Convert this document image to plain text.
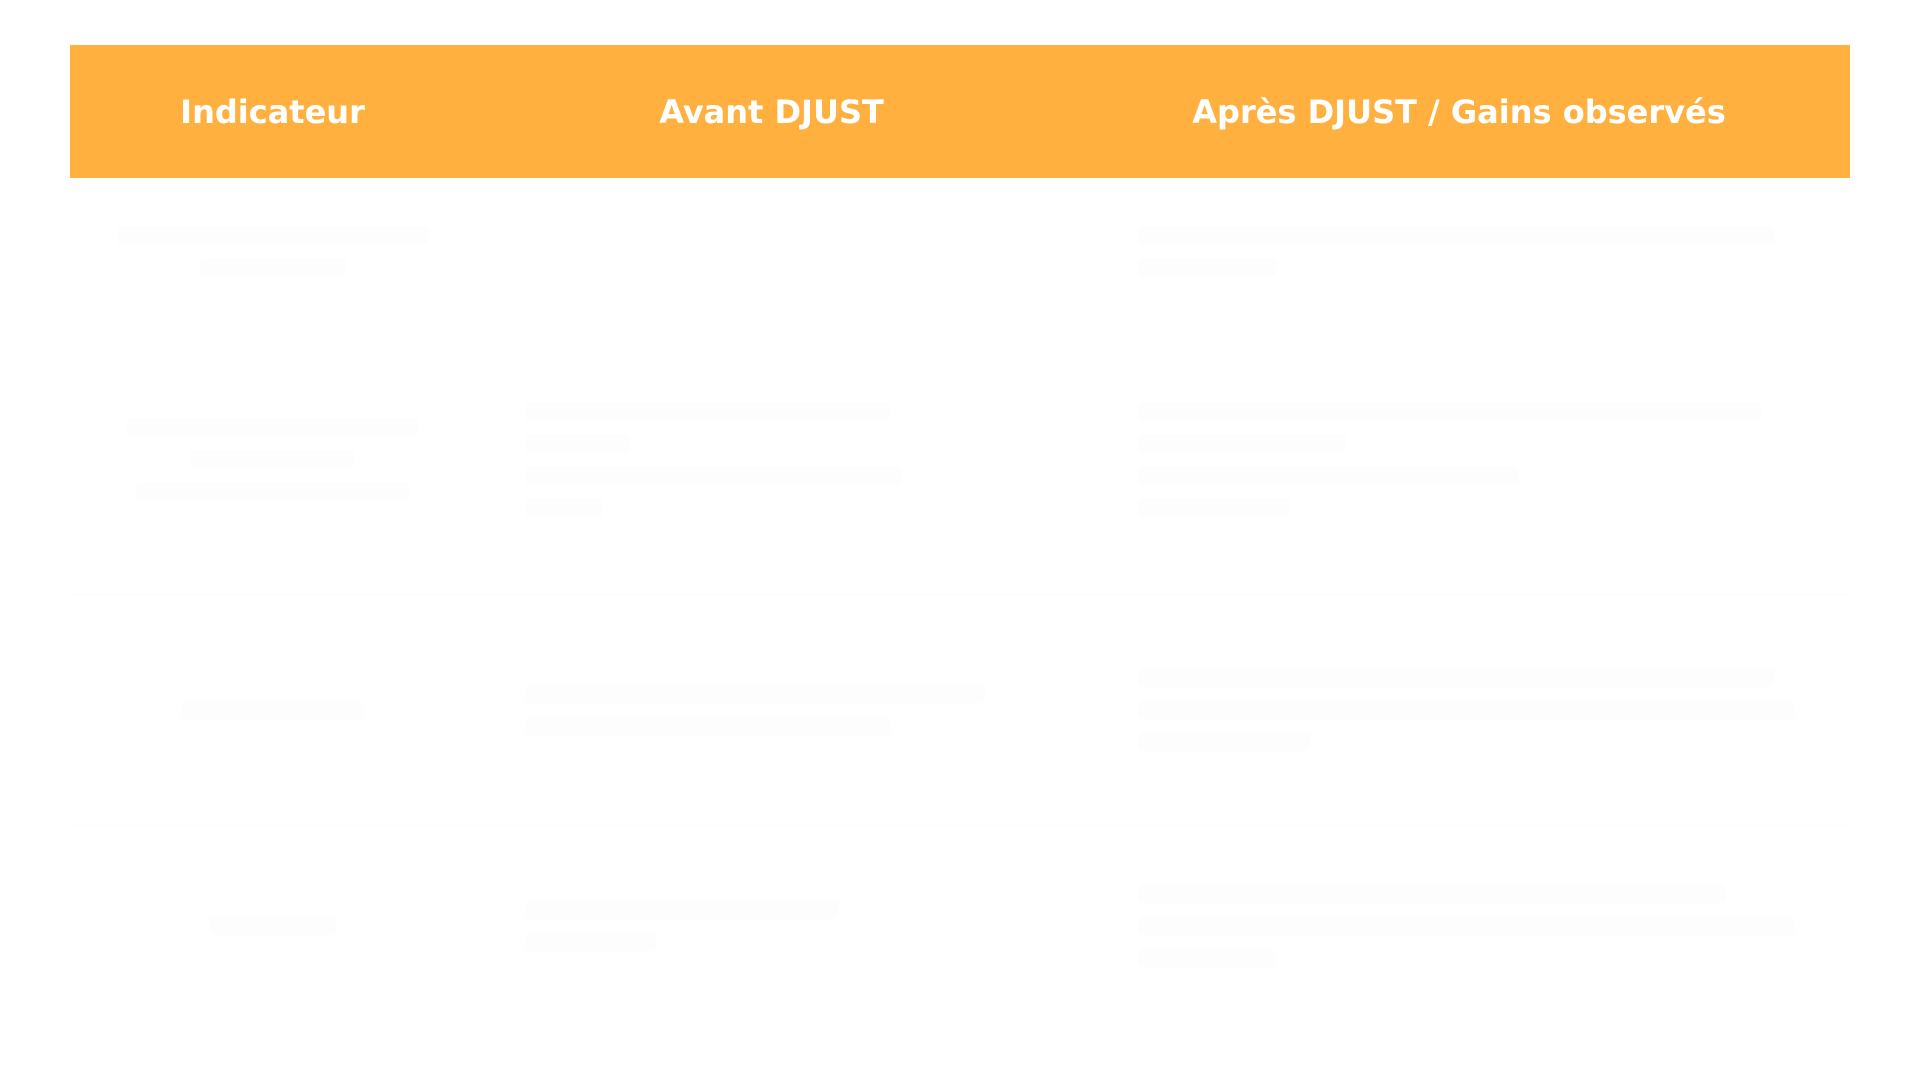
Indicateur	Avant DJUST	Après DJUST / Gains observés
